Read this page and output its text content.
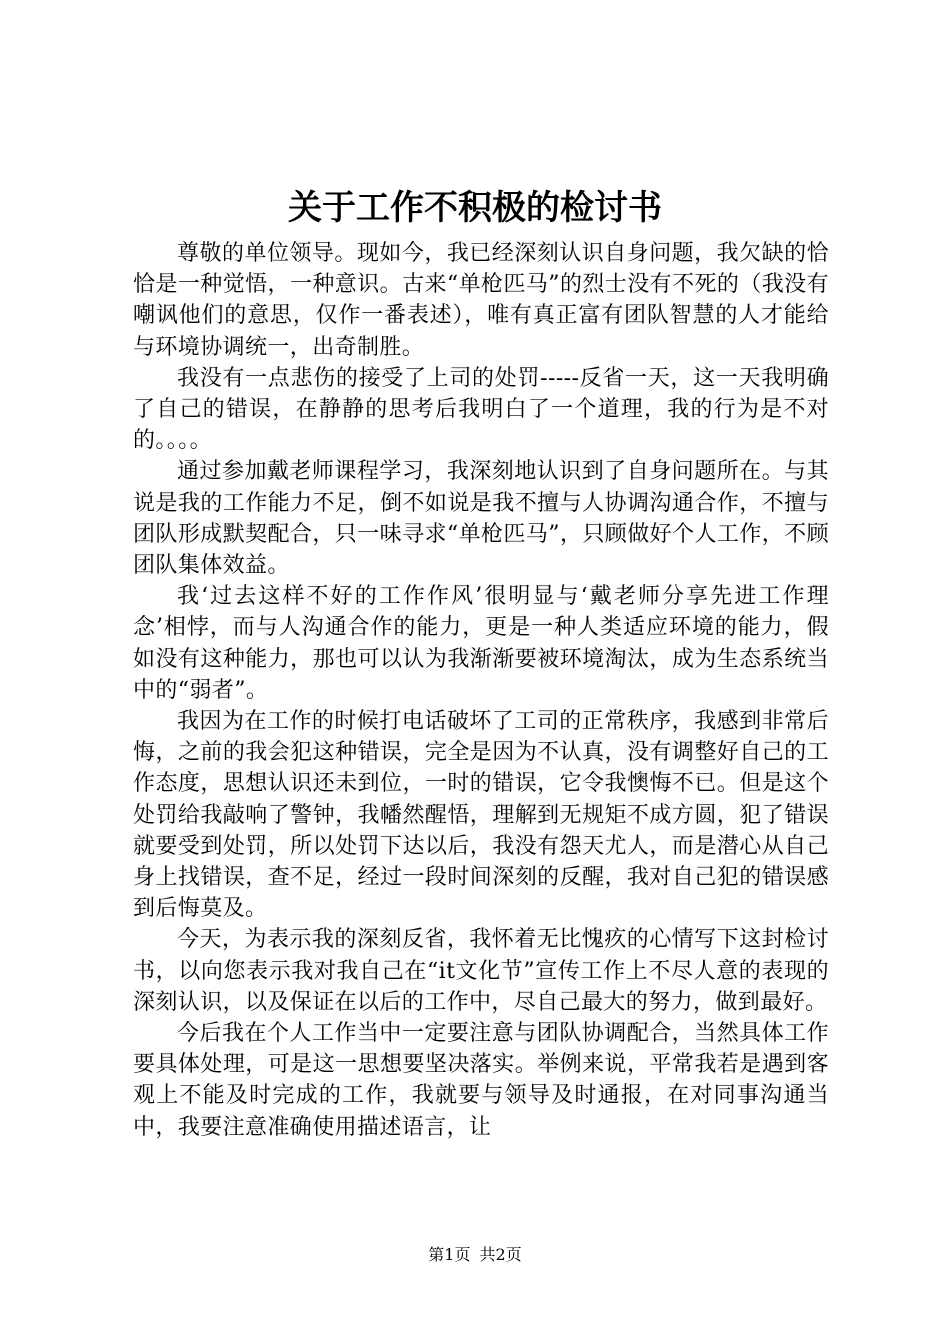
关于工作不积极的检讨书

尊敬的单位领导。现如今，我已经深刻认识自身问题，我欠缺的恰恰是一种觉悟，一种意识。古来“单枪匹马”的烈士没有不死的（我没有嘲讽他们的意思，仅作一番表述），唯有真正富有团队智慧的人才能给与环境协调统一，出奇制胜。

我没有一点悲伤的接受了上司的处罚-----反省一天，这一天我明确了自己的错误，在静静的思考后我明白了一个道理，我的行为是不对的。。。。

通过参加戴老师课程学习，我深刻地认识到了自身问题所在。与其说是我的工作能力不足，倒不如说是我不擅与人协调沟通合作，不擅与团队形成默契配合，只一味寻求“单枪匹马”，只顾做好个人工作，不顾团队集体效益。

我‘过去这样不好的工作作风’很明显与‘戴老师分享先进工作理念’相悖，而与人沟通合作的能力，更是一种人类适应环境的能力，假如没有这种能力，那也可以认为我渐渐要被环境淘汰，成为生态系统当中的“弱者”。

我因为在工作的时候打电话破坏了工司的正常秩序，我感到非常后悔，之前的我会犯这种错误，完全是因为不认真，没有调整好自己的工作态度，思想认识还未到位，一时的错误，它令我懊悔不已。但是这个处罚给我敲响了警钟，我幡然醒悟，理解到无规矩不成方圆，犯了错误就要受到处罚，所以处罚下达以后，我没有怨天尤人，而是潜心从自己身上找错误，查不足，经过一段时间深刻的反醒，我对自己犯的错误感到后悔莫及。

今天，为表示我的深刻反省，我怀着无比愧疚的心情写下这封检讨书，以向您表示我对我自己在“it文化节”宣传工作上不尽人意的表现的深刻认识，以及保证在以后的工作中，尽自己最大的努力，做到最好。

今后我在个人工作当中一定要注意与团队协调配合，当然具体工作要具体处理，可是这一思想要坚决落实。举例来说，平常我若是遇到客观上不能及时完成的工作，我就要与领导及时通报，在对同事沟通当中，我要注意准确使用描述语言，让

第1页 共2页
